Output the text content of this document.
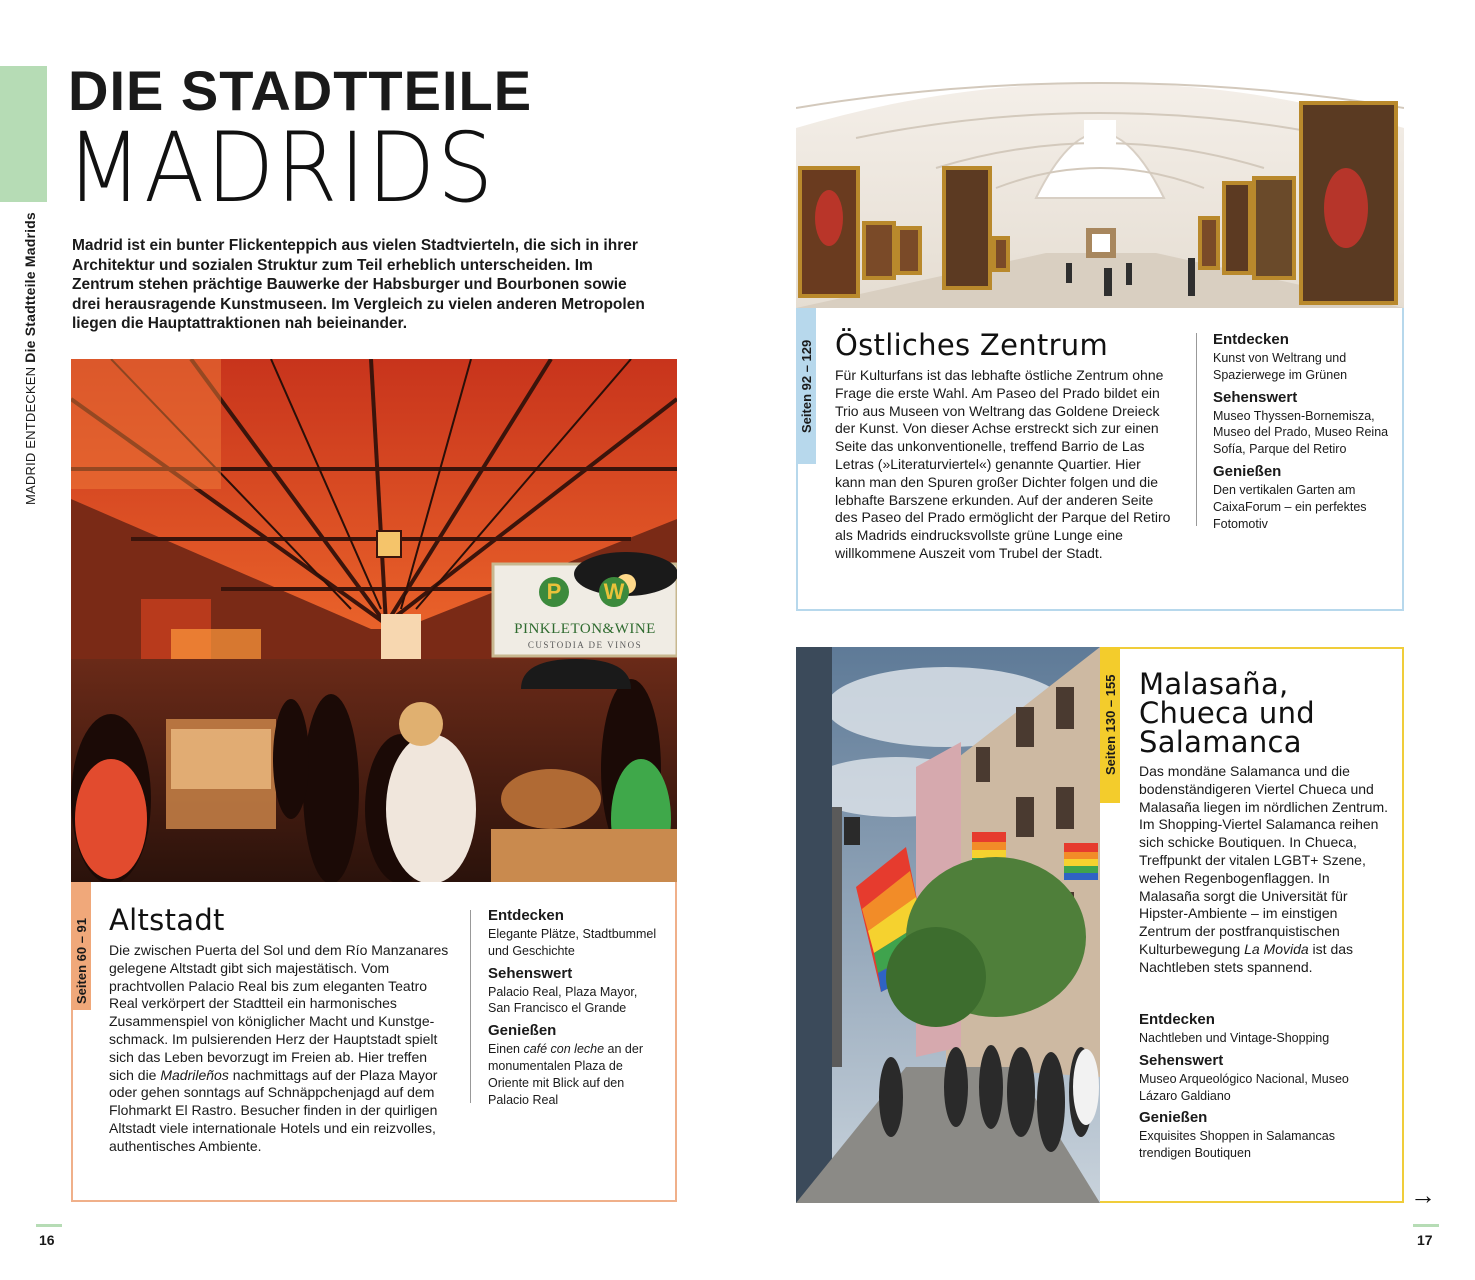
MADRID ENTDECKENDie Stadtteile Madrids
DIE STADTTEILE
MADRIDS
Madrid ist ein bunter Flickenteppich aus vielen Stadtvierteln, die sich in ihrer Architektur und sozialen Struktur zum Teil erheblich unterscheiden. Im Zentrum stehen prächtige Bauwerke der Habsburger und Bourbonen sowie drei herausragende Kunstmuseen. Im Vergleich zu vielen anderen Metropolen liegen die Hauptattraktionen nah beieinander.
P	W
PINKLETON&WINE
CUSTODIA DE VINOS
Seiten 60 – 91 Altstadt
Die zwischen Puerta del Sol und dem Río Manzanares gelegene Altstadt gibt sich majestätisch. Vom prachtvollen Palacio Real bis zum eleganten Teatro Real verkörpert der Stadtteil ein harmonisches Zusammenspiel von königlicher Macht und Kunstgeschmack. Im pulsierenden Herz der Hauptstadt spielt sich das Leben bevorzugt im Freien ab. Hier treffen sich die Madrileños nachmittags auf der Plaza Mayor oder gehen sonntags auf Schnäppchenjagd auf dem Flohmarkt El Rastro. Besucher finden in der quirligen Altstadt viele internationale Hotels und ein reizvolles, authentisches Ambiente.
Entdecken
Elegante Plätze, Stadtbummel und Geschichte
Sehenswert
Palacio Real, Plaza Mayor, San Francisco el Grande
Genießen
Einen café con leche an der monumentalen Plaza de Oriente mit Blick auf den Palacio Real
Seiten 92 – 129 Östliches Zentrum
Für Kulturfans ist das lebhafte östliche Zentrum ohne Frage die erste Wahl. Am Paseo del Prado bildet ein Trio aus Museen von Weltrang das Goldene Dreieck der Kunst. Von dieser Achse erstreckt sich zur einen Seite das unkonventionelle, treffend Barrio de Las Letras (»Literaturviertel«) genannte Quartier. Hier kann man den Spuren großer Dichter folgen und die lebhafte Barszene erkunden. Auf der anderen Seite des Paseo del Prado ermöglicht der Parque del Retiro als Madrids eindrucksvollste grüne Lunge eine willkommene Auszeit vom Trubel der Stadt.
Entdecken
Kunst von Weltrang und Spazierwege im Grünen
Sehenswert
Museo Thyssen-Bornemisza, Museo del Prado, Museo Reina Sofía, Parque del Retiro
Genießen
Den vertikalen Garten am CaixaForum – ein perfektes Fotomotiv
Seiten 130 – 155 Malasaña,
Chueca und
Salamanca
Das mondäne Salamanca und die bodenständigeren Viertel Chueca und Malasaña liegen im nördlichen Zentrum. Im Shopping-Viertel Salamanca reihen sich schicke Boutiquen. In Chueca, Treffpunkt der vitalen LGBT+ Szene, wehen Regenbogenflaggen. In Malasaña sorgt die Universität für Hipster-Ambiente – im einstigen Zentrum der postfranquistischen Kulturbewegung La Movida ist das Nachtleben stets spannend.
Entdecken
Nachtleben und Vintage-Shopping
Sehenswert
Museo Arqueológico Nacional, Museo Lázaro Galdiano
Genießen
Exquisites Shoppen in Salamancas trendigen Boutiquen
16	17
→
